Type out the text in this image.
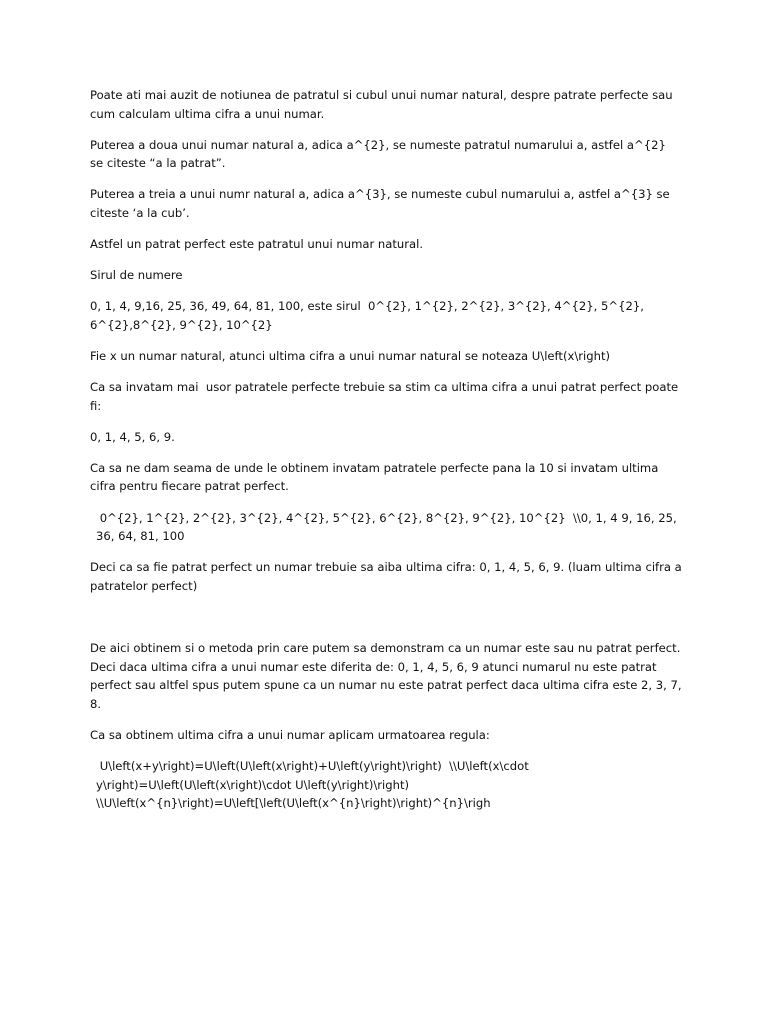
Poate ati mai auzit de notiunea de patratul si cubul unui numar natural, despre patrate perfecte sau cum calculam ultima cifra a unui numar.

Puterea a doua unui numar natural a, adica a^{2}, se numeste patratul numarului a, astfel a^{2} se citeste “a la patrat”.

Puterea a treia a unui numr natural a, adica a^{3}, se numeste cubul numarului a, astfel a^{3} se citeste ‘a la cub’.

Astfel un patrat perfect este patratul unui numar natural.

Sirul de numere

0, 1, 4, 9,16, 25, 36, 49, 64, 81, 100, este sirul  0^{2}, 1^{2}, 2^{2}, 3^{2}, 4^{2}, 5^{2}, 6^{2},8^{2}, 9^{2}, 10^{2}

Fie x un numar natural, atunci ultima cifra a unui numar natural se noteaza U\left(x\right)

Ca sa invatam mai  usor patratele perfecte trebuie sa stim ca ultima cifra a unui patrat perfect poate fi:

0, 1, 4, 5, 6, 9.

Ca sa ne dam seama de unde le obtinem invatam patratele perfecte pana la 10 si invatam ultima cifra pentru fiecare patrat perfect.

0^{2}, 1^{2}, 2^{2}, 3^{2}, 4^{2}, 5^{2}, 6^{2}, 8^{2}, 9^{2}, 10^{2}  \\0, 1, 4 9, 16, 25, 36, 64, 81, 100

Deci ca sa fie patrat perfect un numar trebuie sa aiba ultima cifra: 0, 1, 4, 5, 6, 9. (luam ultima cifra a patratelor perfect)

De aici obtinem si o metoda prin care putem sa demonstram ca un numar este sau nu patrat perfect. Deci daca ultima cifra a unui numar este diferita de: 0, 1, 4, 5, 6, 9 atunci numarul nu este patrat perfect sau altfel spus putem spune ca un numar nu este patrat perfect daca ultima cifra este 2, 3, 7, 8.

Ca sa obtinem ultima cifra a unui numar aplicam urmatoarea regula:

U\left(x+y\right)=U\left(U\left(x\right)+U\left(y\right)\right)  \\U\left(x\cdot y\right)=U\left(U\left(x\right)\cdot U\left(y\right)\right) \\U\left(x^{n}\right)=U\left[\left(U\left(x^{n}\right)\right)^{n}\righ
